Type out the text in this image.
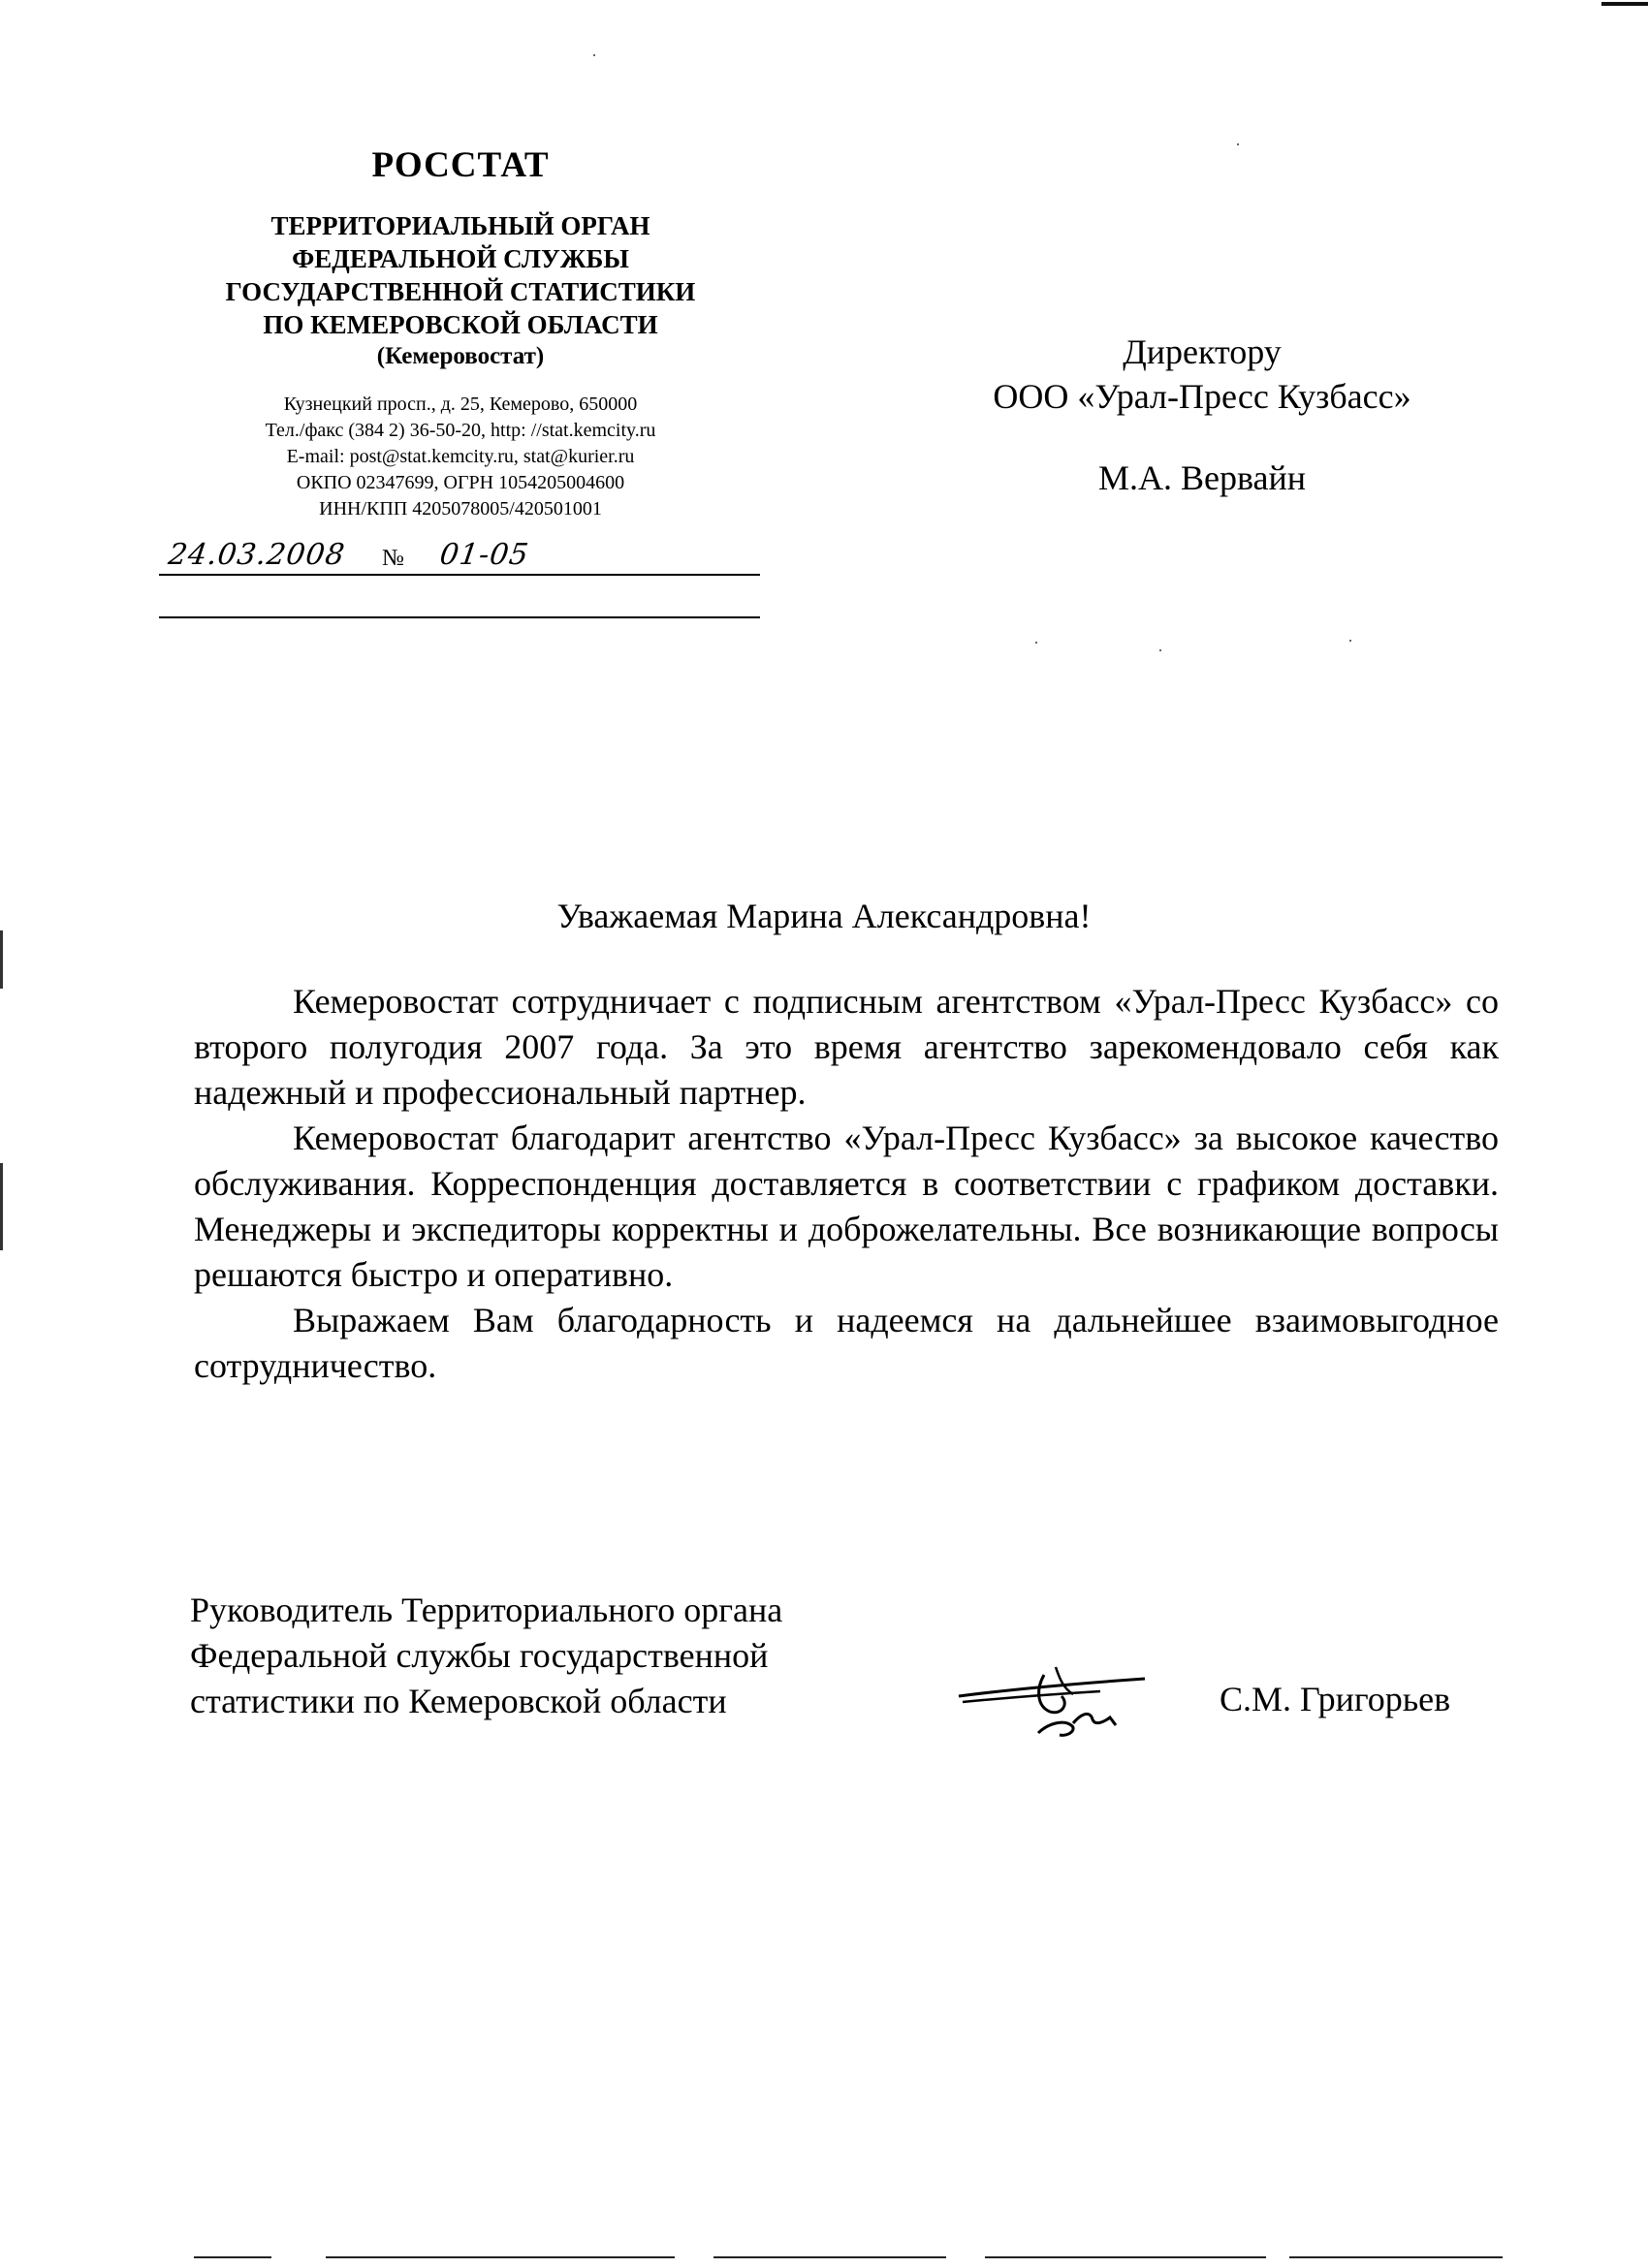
РОССТАТ
ТЕРРИТОРИАЛЬНЫЙ ОРГАН
ФЕДЕРАЛЬНОЙ СЛУЖБЫ
ГОСУДАРСТВЕННОЙ СТАТИСТИКИ
ПО КЕМЕРОВСКОЙ ОБЛАСТИ
(Кемеровостат)
Кузнецкий просп., д. 25, Кемерово, 650000
Тел./факс (384 2) 36-50-20, http: //stat.kemcity.ru
E-mail: post@stat.kemcity.ru, stat@kurier.ru
ОКПО 02347699, ОГРН 1054205004600
ИНН/КПП 4205078005/420501001
24.03.2008 № 01-05
Директору
ООО «Урал-Пресс Кузбасс»
М.А. Вервайн
Уважаемая Марина Александровна!

Кемеровостат сотрудничает с подписным агентством «Урал-Пресс Кузбасс» со второго полугодия 2007 года. За это время агентство зарекомендовало себя как надежный и профессиональный партнер.

Кемеровостат благодарит агентство «Урал-Пресс Кузбасс» за высокое качество обслуживания. Корреспонденция доставляется в соответствии с графиком доставки. Менеджеры и экспедиторы корректны и доброжелательны. Все возникающие вопросы решаются быстро и оперативно.

Выражаем Вам благодарность и надеемся на дальнейшее взаимовыгодное сотрудничество.

Руководитель Территориального органа
Федеральной службы государственной
статистики по Кемеровской области	С.М. Григорьев
